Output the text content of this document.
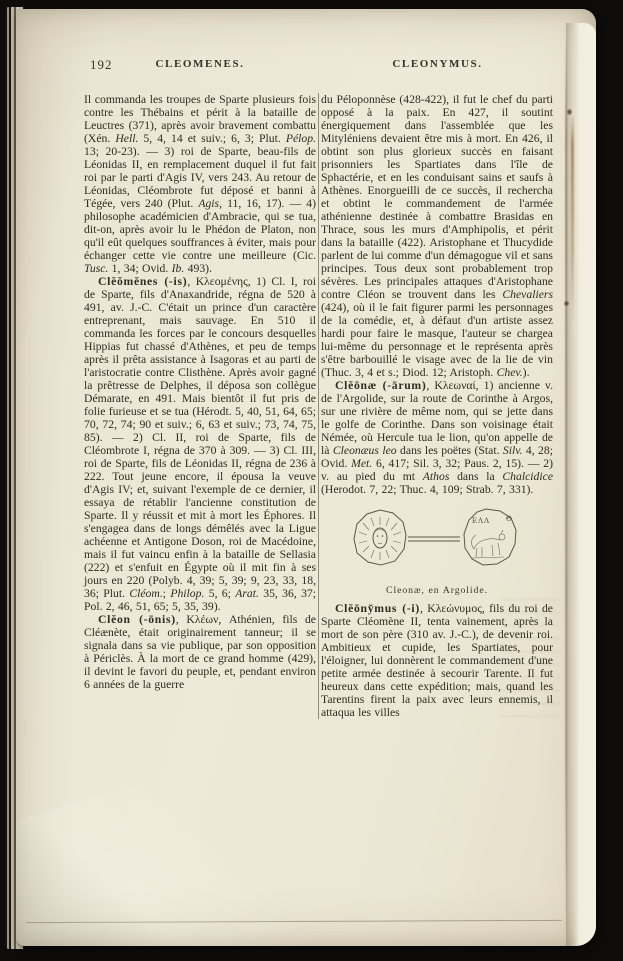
192	CLEOMENES.	CLEONYMUS.

Il commanda les troupes de Sparte plusieurs fois contre les Thébains et périt à la bataille de Leuctres (371), après avoir bravement combattu (Xén. Hell. 5, 4, 14 et suiv.; 6, 3; Plut. Pélop. 13; 20-23). — 3) roi de Sparte, beau-fils de Léonidas II, en remplacement duquel il fut fait roi par le parti d'Agis IV, vers 243. Au retour de Léonidas, Cléombrote fut déposé et banni à Tégée, vers 240 (Plut. Agis, 11, 16, 17). — 4) philosophe académicien d'Ambracie, qui se tua, dit-on, après avoir lu le Phédon de Platon, non qu'il eût quelques souffrances à éviter, mais pour échanger cette vie contre une meilleure (Cic. Tusc. 1, 34; Ovid. Ib. 493).

Clĕŏmĕnes (-is), Κλεομένης, 1) Cl. I, roi de Sparte, fils d'Anaxandride, régna de 520 à 491, av. J.-C. C'était un prince d'un caractère entreprenant, mais sauvage. En 510 il commanda les forces par le concours desquelles Hippias fut chassé d'Athènes, et peu de temps après il prêta assistance à Isagoras et au parti de l'aristocratie contre Clisthène. Après avoir gagné la prêtresse de Delphes, il déposa son collègue Démarate, en 491. Mais bientôt il fut pris de folie furieuse et se tua (Hérodt. 5, 40, 51, 64, 65; 70, 72, 74; 90 et suiv.; 6, 63 et suiv.; 73, 74, 75, 85). — 2) Cl. II, roi de Sparte, fils de Cléombrote I, régna de 370 à 309. — 3) Cl. III, roi de Sparte, fils de Léonidas II, régna de 236 à 222. Tout jeune encore, il épousa la veuve d'Agis IV; et, suivant l'exemple de ce dernier, il essaya de rétablir l'ancienne constitution de Sparte. Il y réussit et mit à mort les Éphores. Il s'engagea dans de longs démêlés avec la Ligue achéenne et Antigone Doson, roi de Macédoine, mais il fut vaincu enfin à la bataille de Sellasia (222) et s'enfuit en Égypte où il mit fin à ses jours en 220 (Polyb. 4, 39; 5, 39; 9, 23, 33, 18, 36; Plut. Cléom.; Philop. 5, 6; Arat. 35, 36, 37; Pol. 2, 46, 51, 65; 5, 35, 39).

Clĕon (-ōnis), Κλέων, Athénien, fils de Cléænète, était originairement tanneur; il se signala dans sa vie publique, par son opposition à Périclès. À la mort de ce grand homme (429), il devint le favori du peuple, et, pendant environ 6 années de la guerre

du Péloponnèse (428-422), il fut le chef du parti opposé à la paix. En 427, il soutint énergiquement dans l'assemblée que les Mityléniens devaient être mis à mort. En 426, il obtint son plus glorieux succès en faisant prisonniers les Spartiates dans l'île de Sphactérie, et en les conduisant sains et saufs à Athènes. Enorgueilli de ce succès, il rechercha et obtint le commandement de l'armée athénienne destinée à combattre Brasidas en Thrace, sous les murs d'Amphipolis, et périt dans la bataille (422). Aristophane et Thucydide parlent de lui comme d'un démagogue vil et sans principes. Tous deux sont probablement trop sévères. Les principales attaques d'Aristophane contre Cléon se trouvent dans les Chevaliers (424), où il le fait figurer parmi les personnages de la comédie, et, à défaut d'un artiste assez hardi pour faire le masque, l'auteur se chargea lui-même du personnage et le représenta après s'être barbouillé le visage avec de la lie de vin (Thuc. 3, 4 et s.; Diod. 12; Aristoph. Chev.).

Clĕōnæ (-ārum), Κλεωναί, 1) ancienne v. de l'Argolide, sur la route de Corinthe à Argos, sur une rivière de même nom, qui se jette dans le golfe de Corinthe. Dans son voisinage était Némée, où Hercule tua le lion, qu'on appelle de là Cleonæus leo dans les poëtes (Stat. Silv. 4, 28; Ovid. Met. 6, 417; Sil. 3, 32; Paus. 2, 15). — 2) v. au pied du mt Athos dans la Chalcidice (Herodot. 7, 22; Thuc. 4, 109; Strab. 7, 331).

ΕΛΛ Θ
Cleonæ, en Argolide.

Clĕōny̆mus (-i), Κλεώνυμος, fils du roi de Sparte Cléomène II, tenta vainement, après la mort de son père (310 av. J.-C.), de devenir roi. Ambitieux et cupide, les Spartiates, pour l'éloigner, lui donnèrent le commandement d'une petite armée destinée à secourir Tarente. Il fut heureux dans cette expédition; mais, quand les Tarentins firent la paix avec leurs ennemis, il attaqua les villes
